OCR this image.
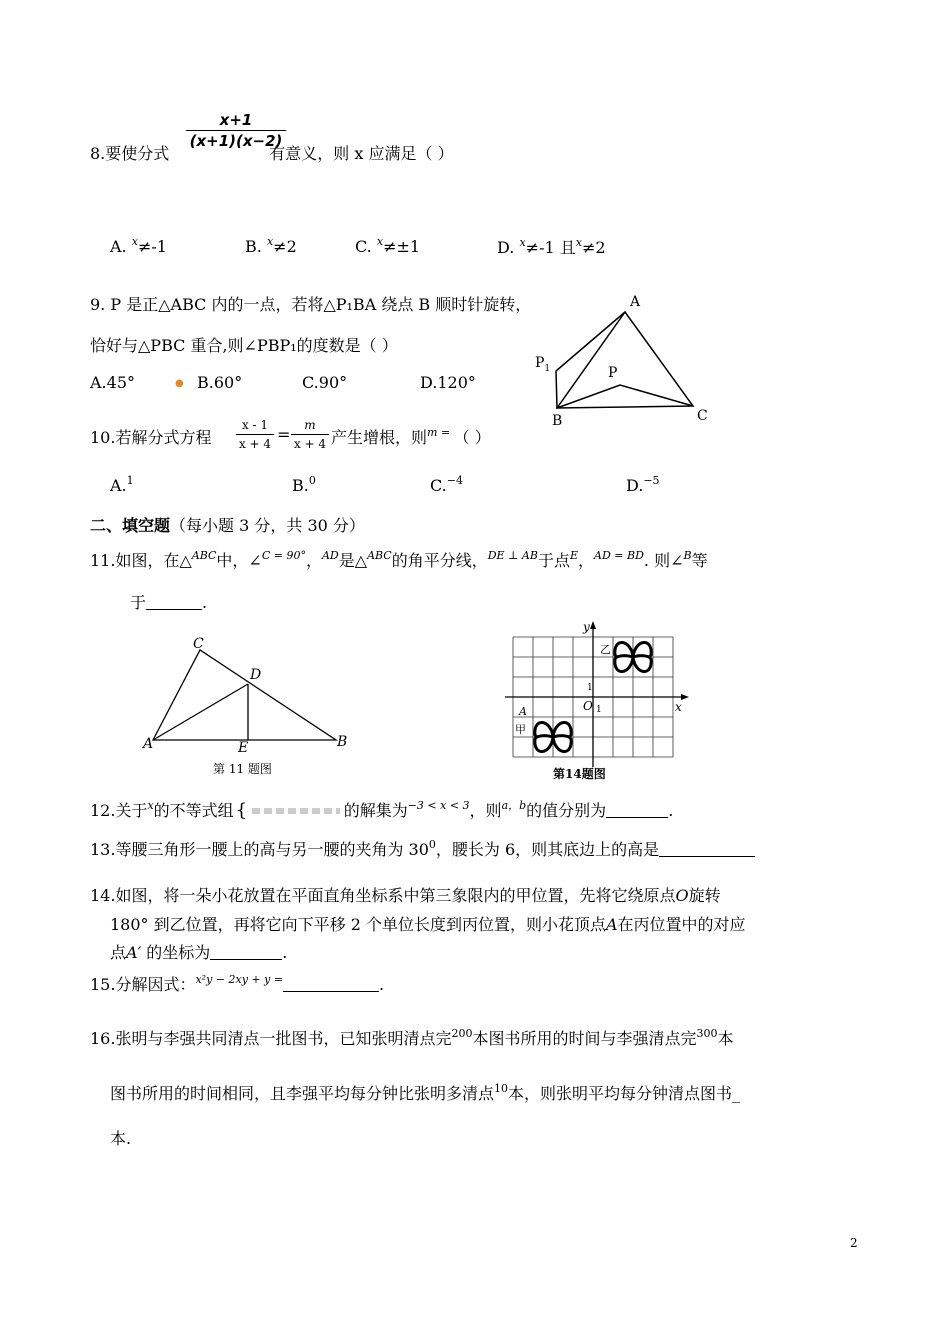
$\frac{x+1}{(x+1)(x-2)}$
8.要使分式	有意义，则 x 应满足（ ）
A. $^x$≠-1	B. $^x$≠2	C. $^x$≠±1	D. $^x$≠-1 且$^x$≠2
9. P 是正△ABC 内的一点，若将△P₁BA 绕点 B 顺时针旋转，
恰好与△PBC 重合,则∠PBP₁的度数是（ ）
A.45°	● B.60°	C.90°	D.120°
A
$P_1$	P
B	C
10.若解分式方程 $\frac{x - 1}{x + 4} = \frac{m}{x + 4}$ 产生增根，则$^m$ = （ ）
A.$^1$	B.$^0$	C.$^{-4}$	D.$^{-5}$
二、填空题（每小题 3 分，共 30 分）
11.如图，在△$^{ABC}$中，∠$^{C = 90^\circ}$，$^{AD}$是△$^{ABC}$的角平分线，$^{DE \perp AB}$于点$^E$，$^{AD = BD}$. 则∠$^B$等
于	.
C
D
A	E	B
第 11 题图
y
x
O 1
1
乙
A
甲
第14题图
12.关于$^x$的不等式组 {	的解集为$^{-3 < x < 3}$，则$^{a,b}$的值分别为	.
13.等腰三角形一腰上的高与另一腰的夹角为 $30^0$，腰长为 6，则其底边上的高是
14.如图，将一朵小花放置在平面直角坐标系中第三象限内的甲位置，先将它绕原点O旋转
180° 到乙位置，再将它向下平移 2 个单位长度到丙位置，则小花顶点A在丙位置中的对应
点A′ 的坐标为	.
15.分解因式：$^{x^2y - 2xy + y =}$	.
16.张明与李强共同清点一批图书，已知张明清点完$^{200}$本图书所用的时间与李强清点完$^{300}$本
图书所用的时间相同，且李强平均每分钟比张明多清点$^{10}$本，则张明平均每分钟清点图书_
本.
2
